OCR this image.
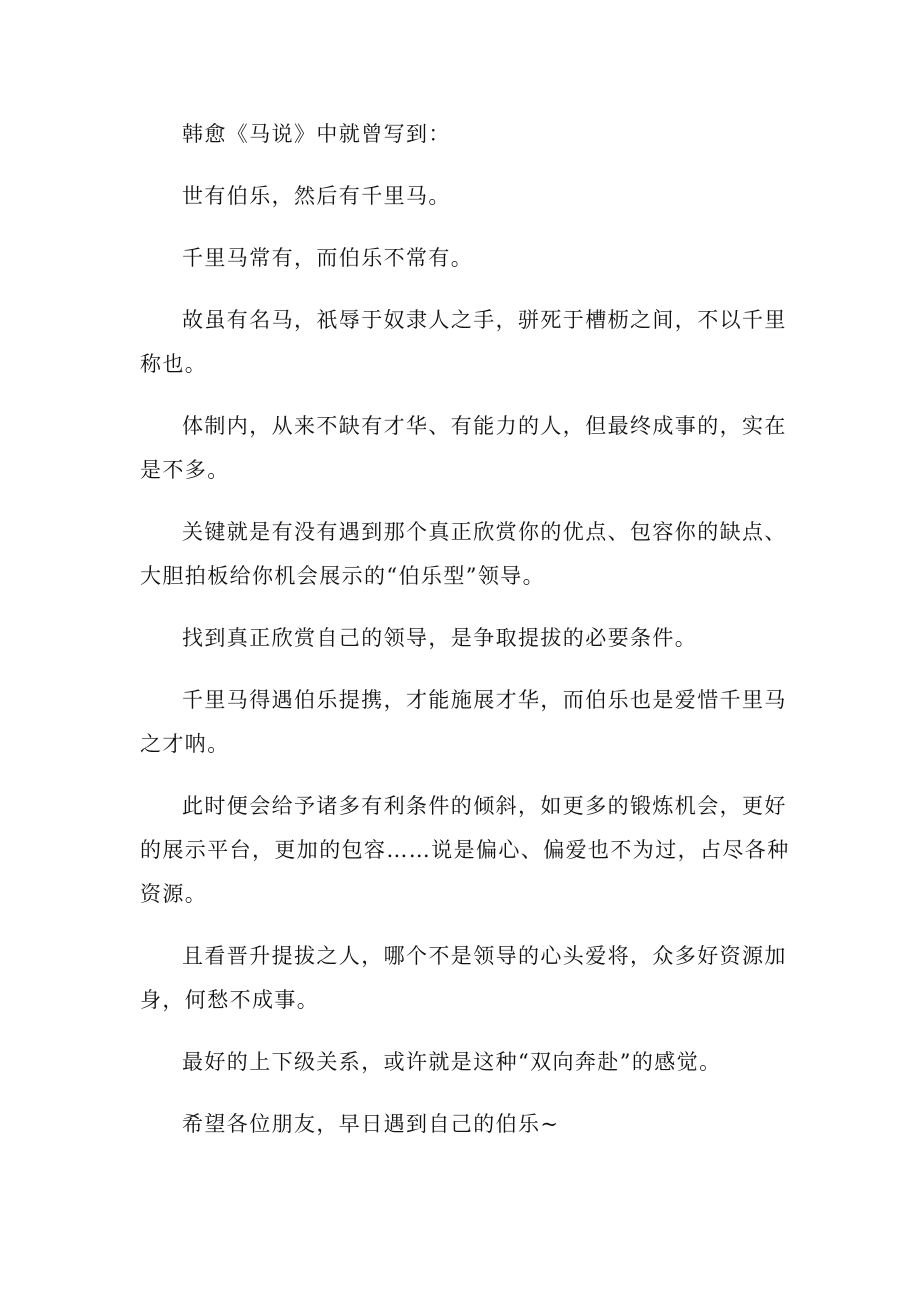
韩愈《马说》中就曾写到：

世有伯乐，然后有千里马。

千里马常有，而伯乐不常有。

故虽有名马，祇辱于奴隶人之手，骈死于槽枥之间，不以千里称也。

体制内，从来不缺有才华、有能力的人，但最终成事的，实在是不多。

关键就是有没有遇到那个真正欣赏你的优点、包容你的缺点、大胆拍板给你机会展示的“伯乐型”领导。

找到真正欣赏自己的领导，是争取提拔的必要条件。

千里马得遇伯乐提携，才能施展才华，而伯乐也是爱惜千里马之才呐。

此时便会给予诸多有利条件的倾斜，如更多的锻炼机会，更好的展示平台，更加的包容……说是偏心、偏爱也不为过，占尽各种资源。

且看晋升提拔之人，哪个不是领导的心头爱将，众多好资源加身，何愁不成事。

最好的上下级关系，或许就是这种“双向奔赴”的感觉。

希望各位朋友，早日遇到自己的伯乐~
